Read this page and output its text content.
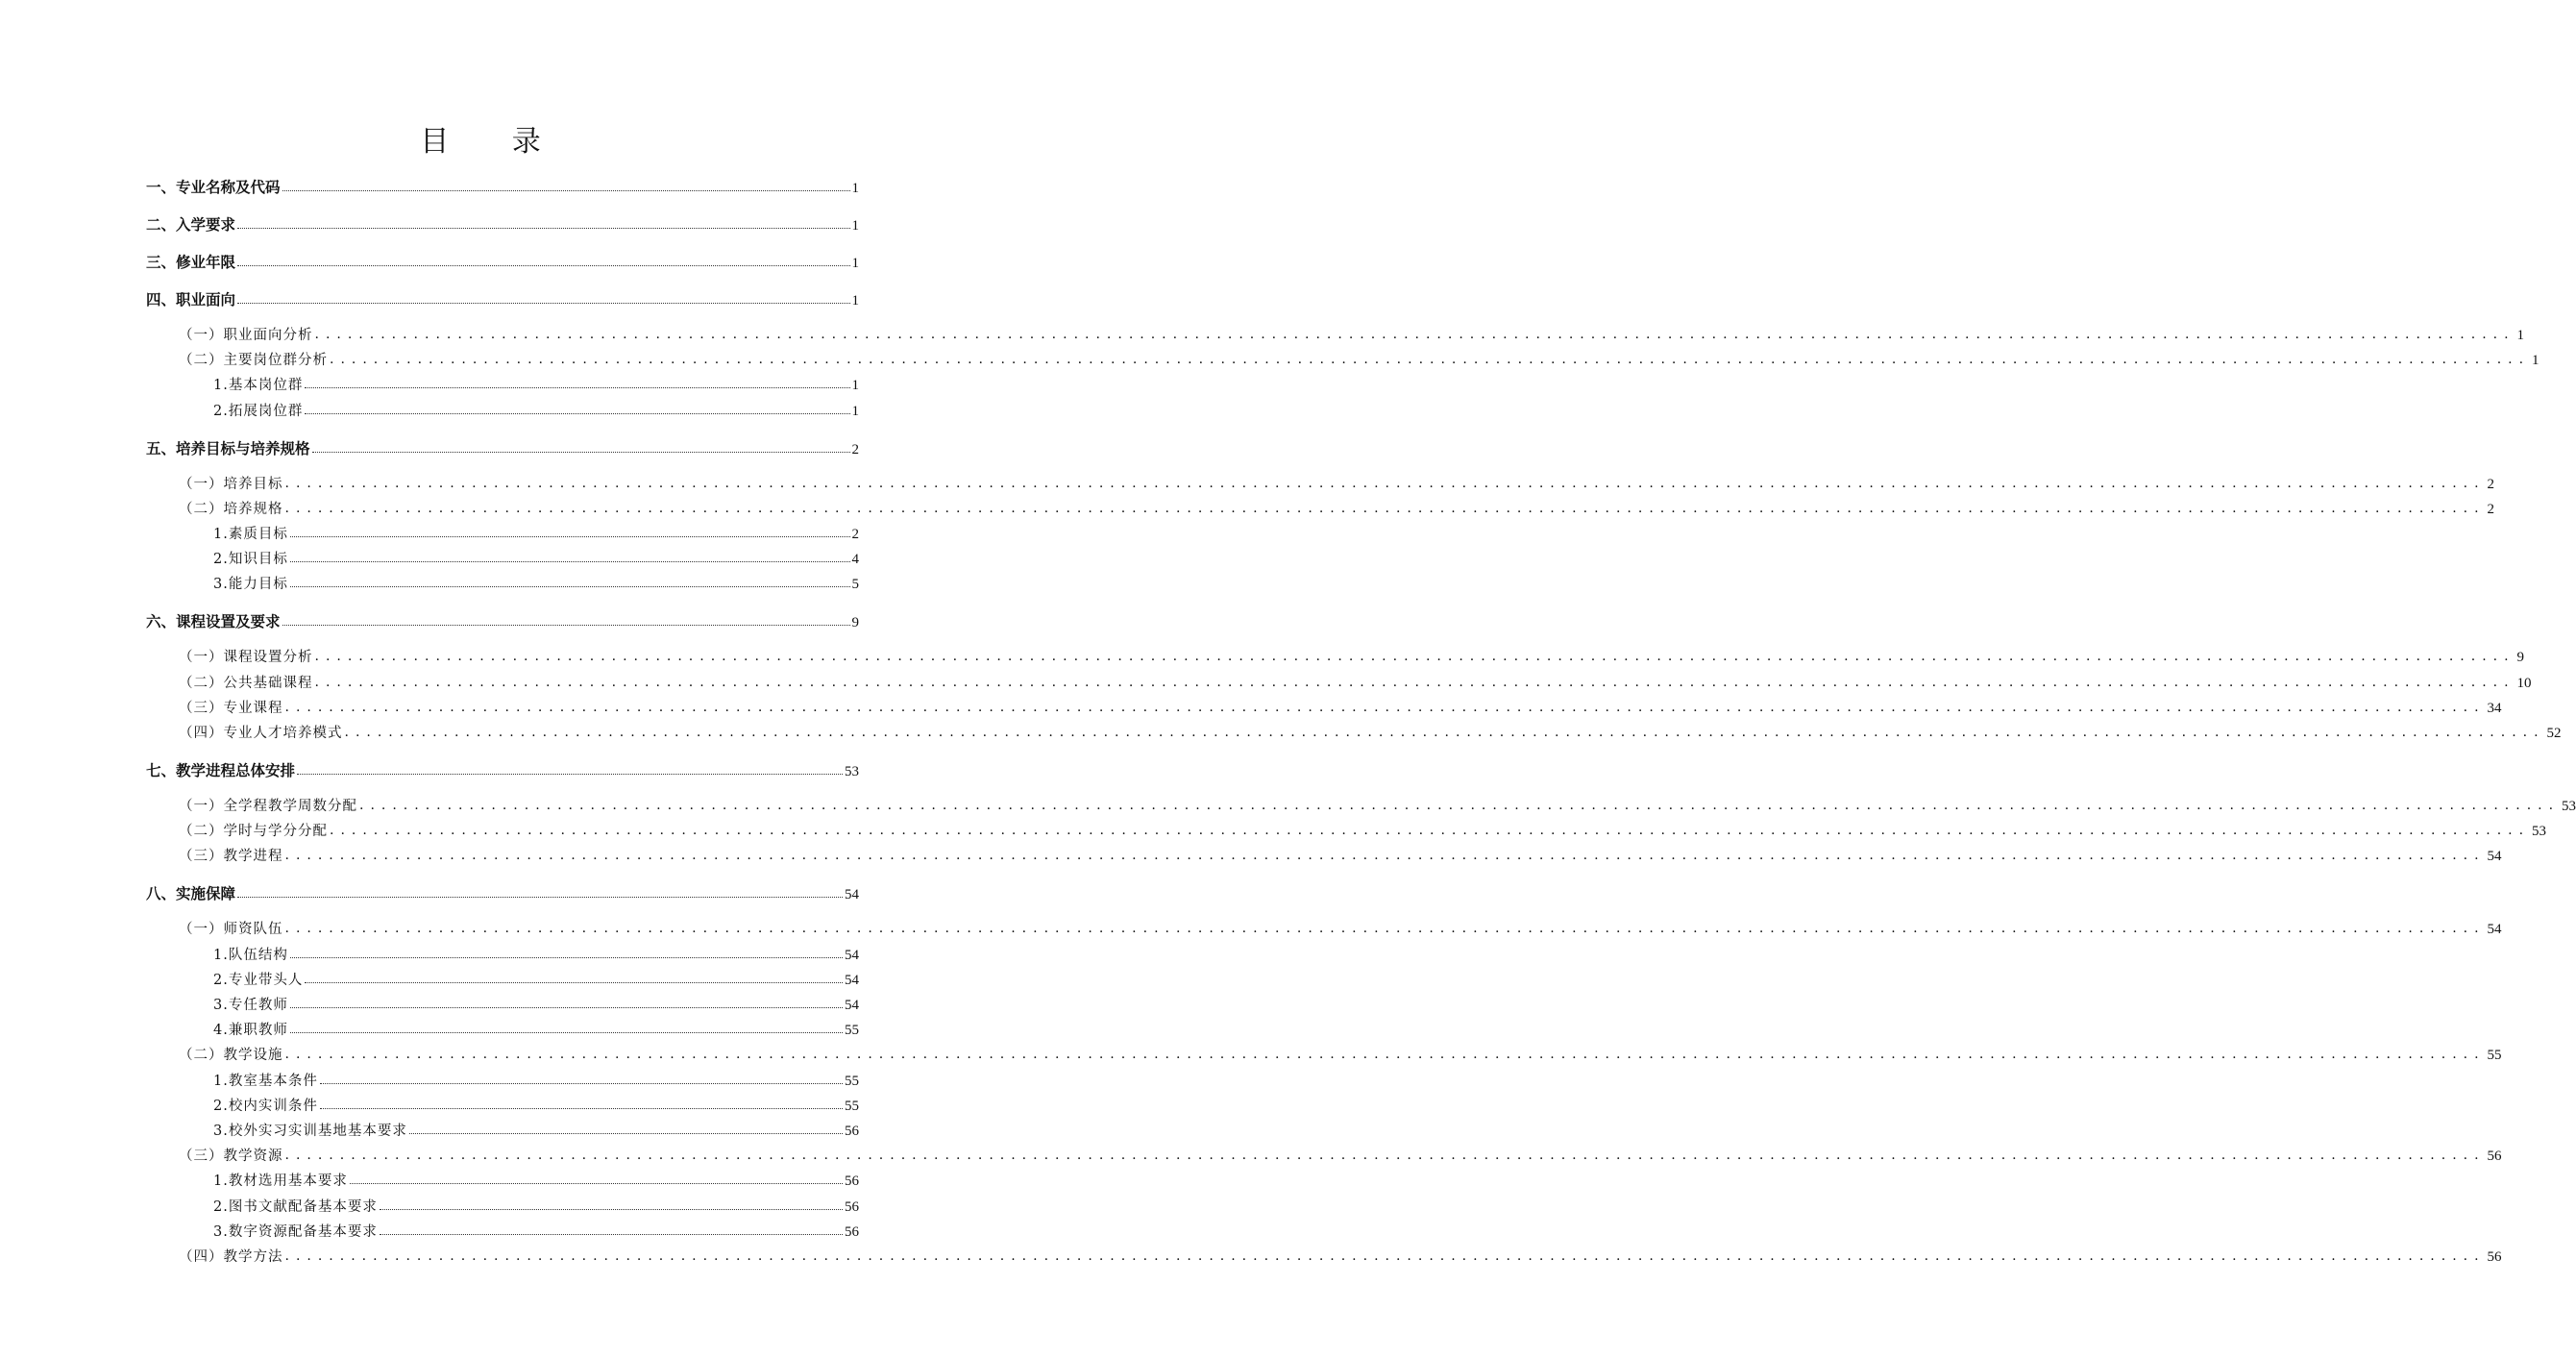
目 录
一、专业名称及代码	1
二、入学要求	1
三、修业年限	1
四、职业面向	1
（一）职业面向分析 ........................................................................................................................................................................................................ 1
（二）主要岗位群分析 ........................................................................................................................................................................................................ 1
1.基本岗位群	1
2.拓展岗位群	1
五、培养目标与培养规格	2
（一）培养目标 ........................................................................................................................................................................................................ 2
（二）培养规格 ........................................................................................................................................................................................................ 2
1.素质目标	2
2.知识目标	4
3.能力目标	5
六、课程设置及要求	9
（一）课程设置分析 ........................................................................................................................................................................................................ 9
（二）公共基础课程 ........................................................................................................................................................................................................ 10
（三）专业课程 ........................................................................................................................................................................................................ 34
（四）专业人才培养模式 ........................................................................................................................................................................................................ 52
七、教学进程总体安排	53
（一）全学程教学周数分配 ........................................................................................................................................................................................................ 53
（二）学时与学分分配 ........................................................................................................................................................................................................ 53
（三）教学进程 ........................................................................................................................................................................................................ 54
八、实施保障	54
（一）师资队伍 ........................................................................................................................................................................................................ 54
1.队伍结构	54
2.专业带头人	54
3.专任教师	54
4.兼职教师	55
（二）教学设施 ........................................................................................................................................................................................................ 55
1.教室基本条件	55
2.校内实训条件	55
3.校外实习实训基地基本要求	56
（三）教学资源 ........................................................................................................................................................................................................ 56
1.教材选用基本要求	56
2.图书文献配备基本要求	56
3.数字资源配备基本要求	56
（四）教学方法 ........................................................................................................................................................................................................ 56
